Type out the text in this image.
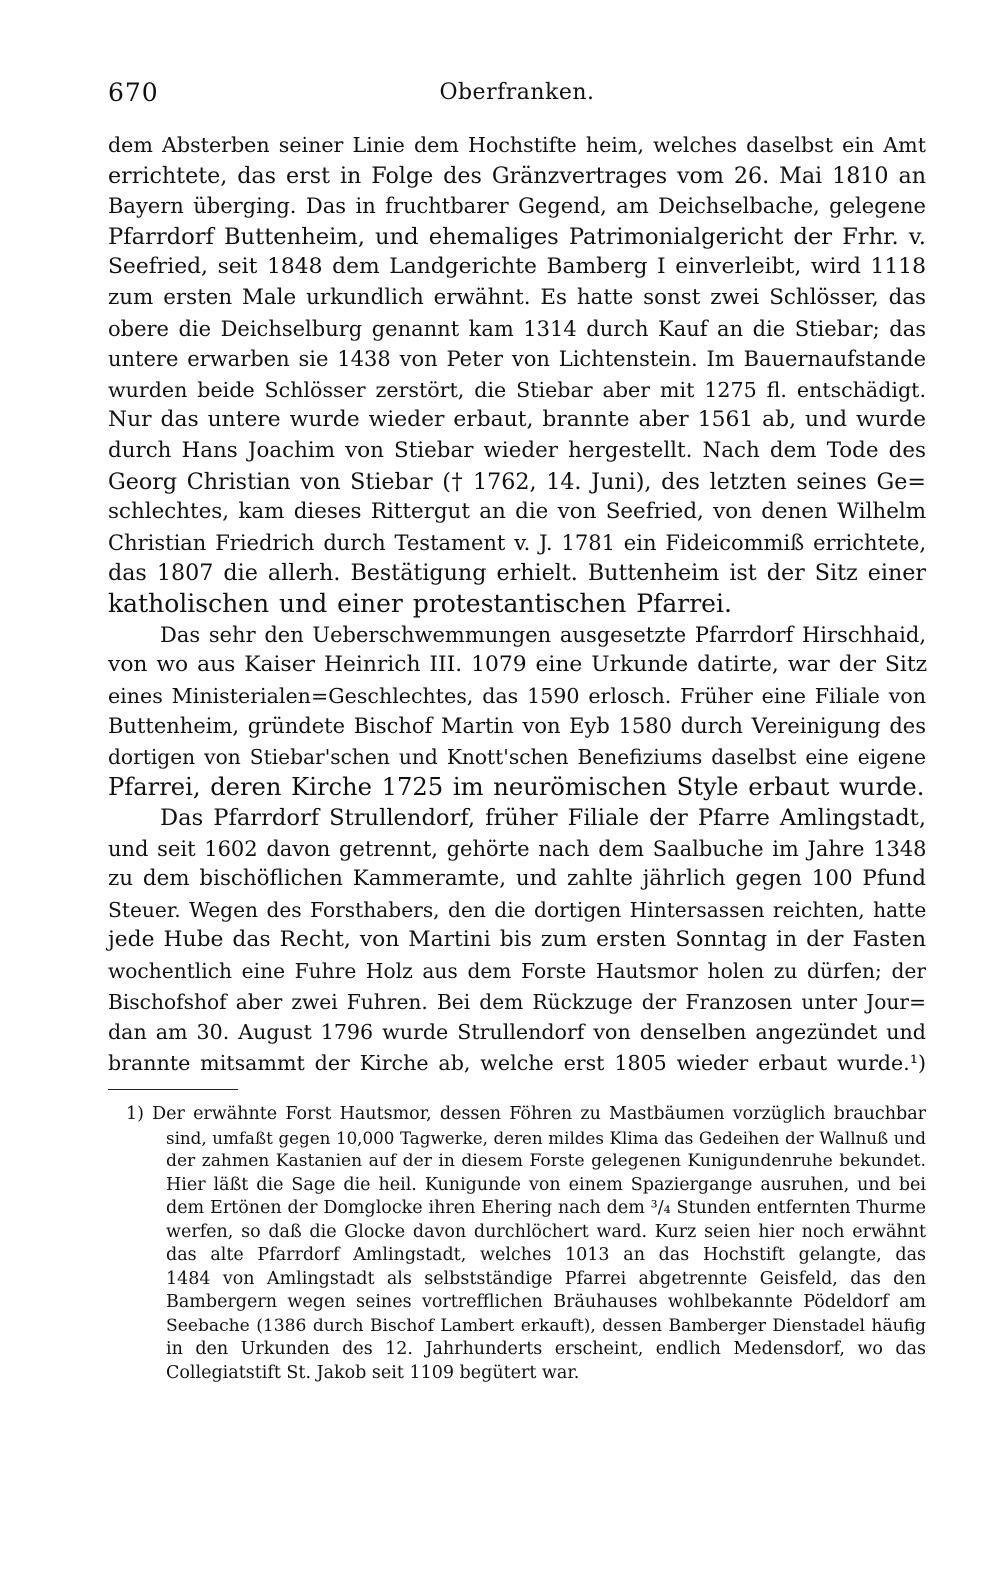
670	Oberfranken.
dem Absterben seiner Linie dem Hochstifte heim, welches daselbst ein Amt
errichtete, das erst in Folge des Gränzvertrages vom 26. Mai 1810 an
Bayern überging. Das in fruchtbarer Gegend, am Deichselbache, gelegene
Pfarrdorf Buttenheim, und ehemaliges Patrimonialgericht der Frhr. v.
Seefried, seit 1848 dem Landgerichte Bamberg I einverleibt, wird 1118
zum ersten Male urkundlich erwähnt. Es hatte sonst zwei Schlösser, das
obere die Deichselburg genannt kam 1314 durch Kauf an die Stiebar; das
untere erwarben sie 1438 von Peter von Lichtenstein. Im Bauernaufstande
wurden beide Schlösser zerstört, die Stiebar aber mit 1275 fl. entschädigt.
Nur das untere wurde wieder erbaut, brannte aber 1561 ab, und wurde
durch Hans Joachim von Stiebar wieder hergestellt. Nach dem Tode des
Georg Christian von Stiebar († 1762, 14. Juni), des letzten seines Ge=
schlechtes, kam dieses Rittergut an die von Seefried, von denen Wilhelm
Christian Friedrich durch Testament v. J. 1781 ein Fideicommiß errichtete,
das 1807 die allerh. Bestätigung erhielt. Buttenheim ist der Sitz einer
katholischen und einer protestantischen Pfarrei.
Das sehr den Ueberschwemmungen ausgesetzte Pfarrdorf Hirschhaid,
von wo aus Kaiser Heinrich III. 1079 eine Urkunde datirte, war der Sitz
eines Ministerialen=Geschlechtes, das 1590 erlosch. Früher eine Filiale von
Buttenheim, gründete Bischof Martin von Eyb 1580 durch Vereinigung des
dortigen von Stiebar'schen und Knott'schen Benefiziums daselbst eine eigene
Pfarrei, deren Kirche 1725 im neurömischen Style erbaut wurde.
Das Pfarrdorf Strullendorf, früher Filiale der Pfarre Amlingstadt,
und seit 1602 davon getrennt, gehörte nach dem Saalbuche im Jahre 1348
zu dem bischöflichen Kammeramte, und zahlte jährlich gegen 100 Pfund
Steuer. Wegen des Forsthabers, den die dortigen Hintersassen reichten, hatte
jede Hube das Recht, von Martini bis zum ersten Sonntag in der Fasten
wochentlich eine Fuhre Holz aus dem Forste Hautsmor holen zu dürfen; der
Bischofshof aber zwei Fuhren. Bei dem Rückzuge der Franzosen unter Jour=
dan am 30. August 1796 wurde Strullendorf von denselben angezündet und
brannte mitsammt der Kirche ab, welche erst 1805 wieder erbaut wurde.¹)
1) Der erwähnte Forst Hautsmor, dessen Föhren zu Mastbäumen vorzüglich brauchbar
sind, umfaßt gegen 10,000 Tagwerke, deren mildes Klima das Gedeihen der Wallnuß und
der zahmen Kastanien auf der in diesem Forste gelegenen Kunigundenruhe bekundet.
Hier läßt die Sage die heil. Kunigunde von einem Spaziergange ausruhen, und bei
dem Ertönen der Domglocke ihren Ehering nach dem ³/₄ Stunden entfernten Thurme
werfen, so daß die Glocke davon durchlöchert ward. Kurz seien hier noch erwähnt
das alte Pfarrdorf Amlingstadt, welches 1013 an das Hochstift gelangte, das
1484 von Amlingstadt als selbstständige Pfarrei abgetrennte Geisfeld, das den
Bambergern wegen seines vortrefflichen Bräuhauses wohlbekannte Pödeldorf am
Seebache (1386 durch Bischof Lambert erkauft), dessen Bamberger Dienstadel häufig
in den Urkunden des 12. Jahrhunderts erscheint, endlich Medensdorf, wo das
Collegiatstift St. Jakob seit 1109 begütert war.
